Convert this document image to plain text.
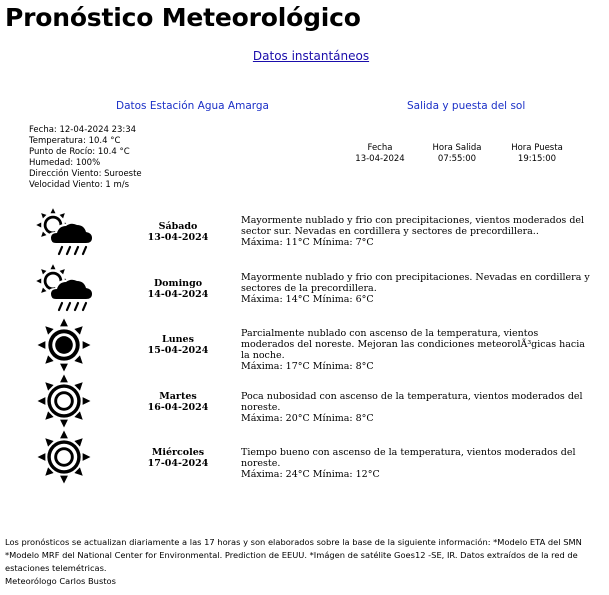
Pronóstico Meteorológico
Datos instantáneos
Datos Estación Agua Amarga	Salida y puesta del sol
Fecha: 12-04-2024 23:34
Temperatura: 10.4 °C
Punto de Rocío: 10.4 °C
Humedad: 100%
Dirección Viento: Suroeste
Velocidad Viento: 1 m/s
Fecha
13-04-2024
Hora Salida
07:55:00
Hora Puesta
19:15:00
Sábado
13-04-2024
Mayormente nublado y frio con precipitaciones, vientos moderados del sector sur. Nevadas en cordillera y sectores de precordillera..
Máxima: 11°C Mínima: 7°C
Domingo
14-04-2024
Mayormente nublado y frio con precipitaciones. Nevadas en cordillera y sectores de la precordillera.
Máxima: 14°C Mínima: 6°C
Lunes
15-04-2024
Parcialmente nublado con ascenso de la temperatura, vientos moderados del noreste. Mejoran las condiciones meteorolÃ³gicas hacia la noche.
Máxima: 17°C Mínima: 8°C
Martes
16-04-2024
Poca nubosidad con ascenso de la temperatura, vientos moderados del noreste.
Máxima: 20°C Mínima: 8°C
Miércoles
17-04-2024
Tiempo bueno con ascenso de la temperatura, vientos moderados del noreste.
Máxima: 24°C Mínima: 12°C
Los pronósticos se actualizan diariamente a las 17 horas y son elaborados sobre la base de la siguiente información: *Modelo ETA del SMN *Modelo MRF del National Center for Environmental. Prediction de EEUU. *Imágen de satélite Goes12 -SE, IR. Datos extraídos de la red de estaciones telemétricas.
Meteorólogo Carlos Bustos
